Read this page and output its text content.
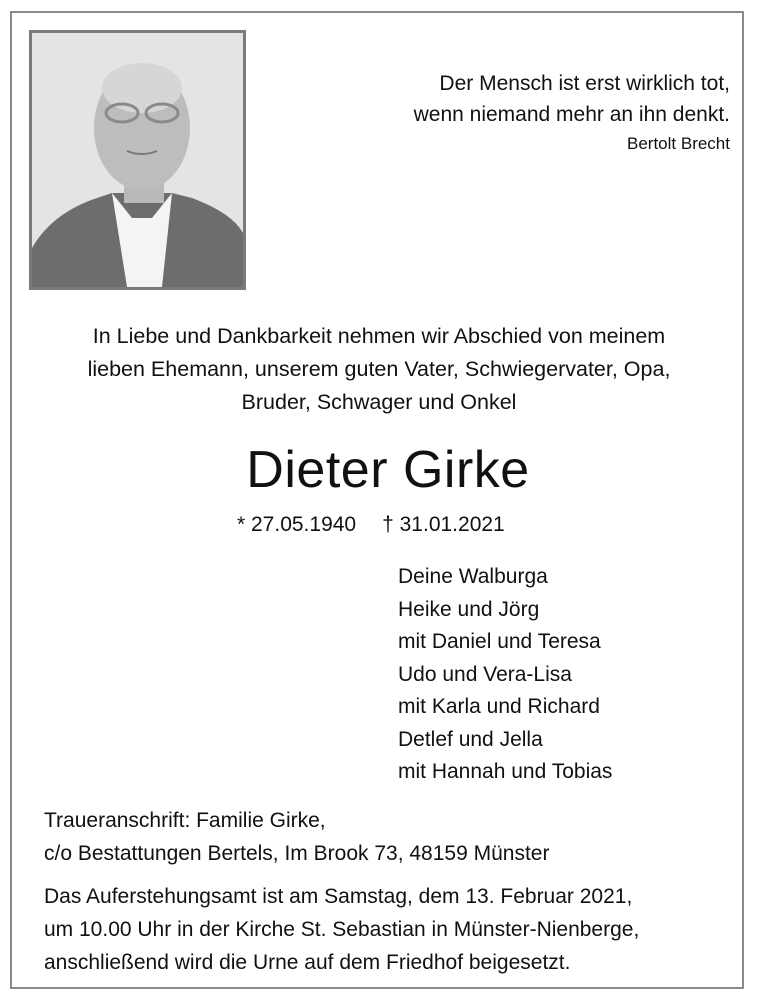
Der Mensch ist erst wirklich tot,
wenn niemand mehr an ihn denkt.
Bertolt Brecht
In Liebe und Dankbarkeit nehmen wir Abschied von meinem
lieben Ehemann, unserem guten Vater, Schwiegervater, Opa,
Bruder, Schwager und Onkel
Dieter Girke
* 27.05.1940 † 31.01.2021
Deine Walburga
Heike und Jörg
mit Daniel und Teresa
Udo und Vera-Lisa
mit Karla und Richard
Detlef und Jella
mit Hannah und Tobias
Traueranschrift: Familie Girke,
c/o Bestattungen Bertels, Im Brook 73, 48159 Münster
Das Auferstehungsamt ist am Samstag, dem 13. Februar 2021,
um 10.00 Uhr in der Kirche St. Sebastian in Münster-Nienberge,
anschließend wird die Urne auf dem Friedhof beigesetzt.
